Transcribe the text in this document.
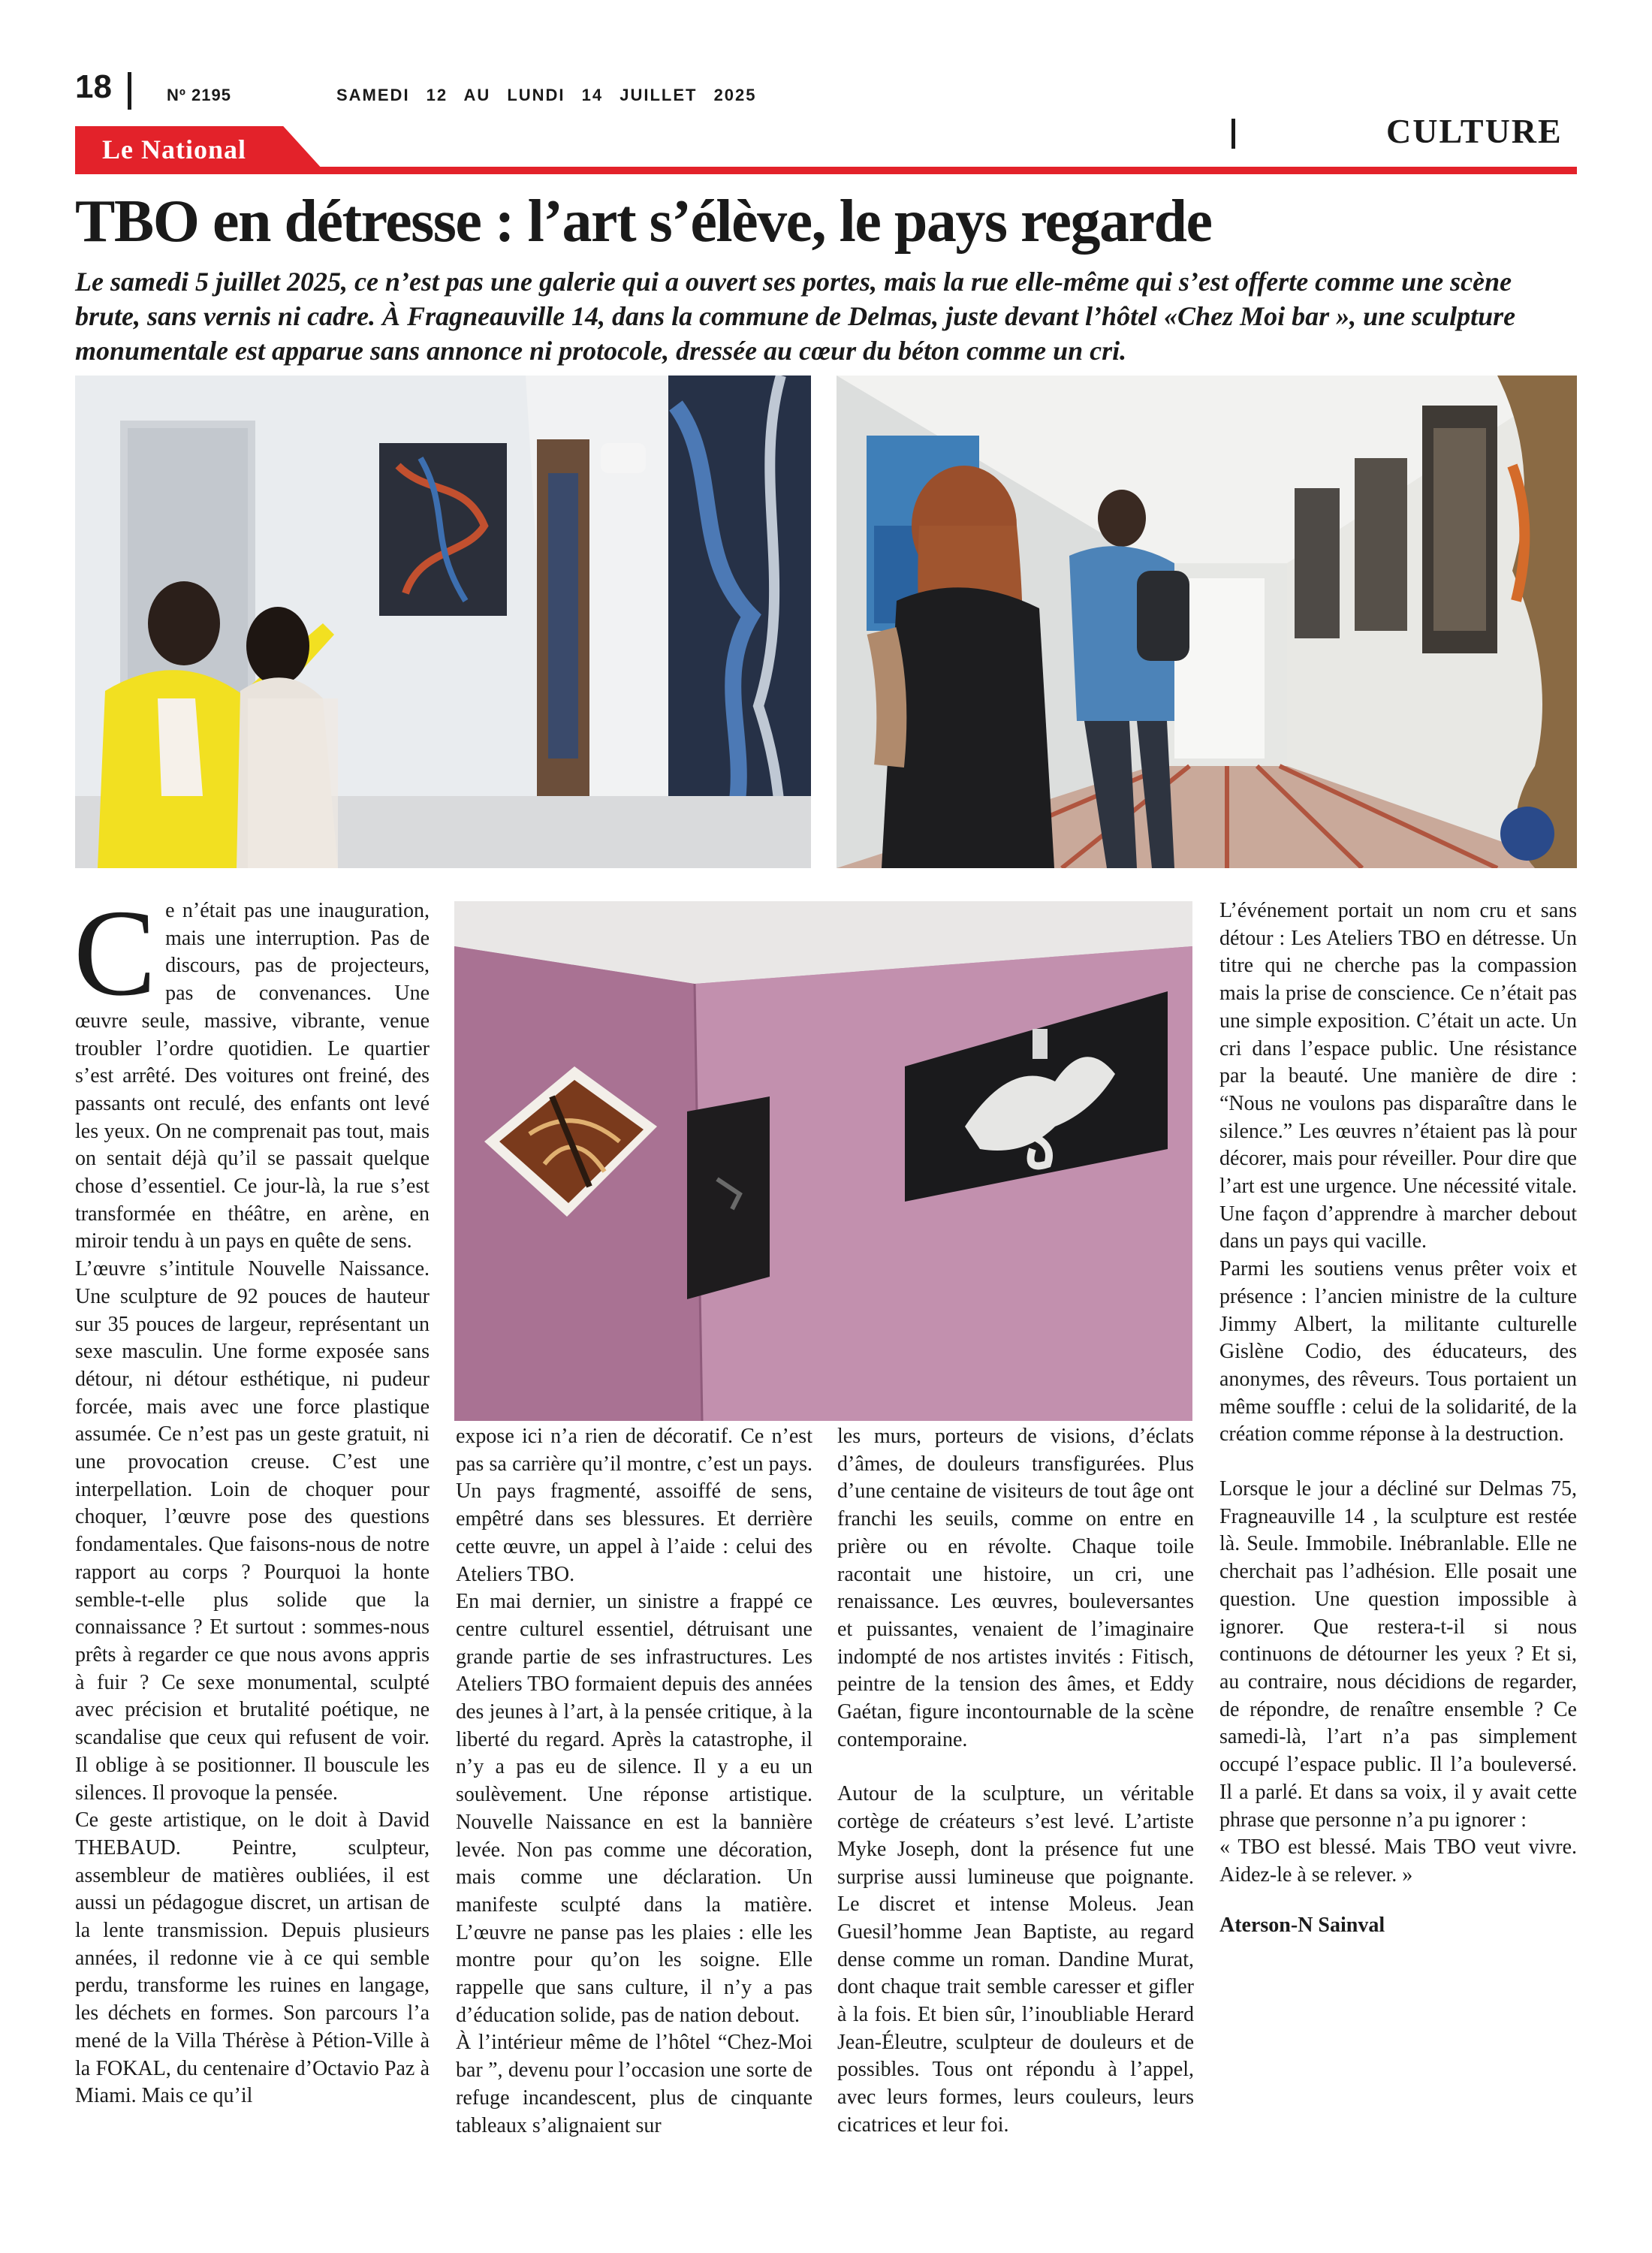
18	Nº 2195	SAMEDI 12 AU LUNDI 14 JUILLET 2025
CULTURE
Le National
TBO en détresse : l’art s’élève, le pays regarde
Le samedi 5 juillet 2025, ce n’est pas une galerie qui a ouvert ses portes, mais la rue elle-même qui s’est offerte comme une scène
brute, sans vernis ni cadre. À Fragneauville 14, dans la commune de Delmas, juste devant l’hôtel «Chez Moi bar », une sculpture
monumentale est apparue sans annonce ni protocole, dressée au cœur du béton comme un cri.

Ce n’était pas une inauguration, mais une interruption. Pas de discours, pas de projecteurs, pas de convenances. Une œuvre seule, massive, vibrante, venue troubler l’ordre quotidien. Le quartier s’est arrêté. Des voitures ont freiné, des passants ont reculé, des enfants ont levé les yeux. On ne comprenait pas tout, mais on sentait déjà qu’il se passait quelque chose d’essentiel. Ce jour-là, la rue s’est transformée en théâtre, en arène, en miroir tendu à un pays en quête de sens.

L’œuvre s’intitule Nouvelle Naissance. Une sculpture de 92 pouces de hauteur sur 35 pouces de largeur, représentant un sexe masculin. Une forme exposée sans détour, ni détour esthétique, ni pudeur forcée, mais avec une force plastique assumée. Ce n’est pas un geste gratuit, ni une provocation creuse. C’est une interpellation. Loin de choquer pour choquer, l’œuvre pose des questions fondamentales. Que faisons-nous de notre rapport au corps ? Pourquoi la honte semble-t-elle plus solide que la connaissance ? Et surtout : sommes-nous prêts à regarder ce que nous avons appris à fuir ? Ce sexe monumental, sculpté avec précision et brutalité poétique, ne scandalise que ceux qui refusent de voir. Il oblige à se positionner. Il bouscule les silences. Il provoque la pensée.

Ce geste artistique, on le doit à David THEBAUD. Peintre, sculpteur, assembleur de matières oubliées, il est aussi un pédagogue discret, un artisan de la lente transmission. Depuis plusieurs années, il redonne vie à ce qui semble perdu, transforme les ruines en langage, les déchets en formes. Son parcours l’a mené de la Villa Thérèse à Pétion-Ville à la FOKAL, du centenaire d’Octavio Paz à Miami. Mais ce qu’il

expose ici n’a rien de décoratif. Ce n’est pas sa carrière qu’il montre, c’est un pays. Un pays fragmenté, assoiffé de sens, empêtré dans ses blessures. Et derrière cette œuvre, un appel à l’aide : celui des Ateliers TBO.

En mai dernier, un sinistre a frappé ce centre culturel essentiel, détruisant une grande partie de ses infrastructures. Les Ateliers TBO formaient depuis des années des jeunes à l’art, à la pensée critique, à la liberté du regard. Après la catastrophe, il n’y a pas eu de silence. Il y a eu un soulèvement. Une réponse artistique. Nouvelle Naissance en est la bannière levée. Non pas comme une décoration, mais comme une déclaration. Un manifeste sculpté dans la matière. L’œuvre ne panse pas les plaies : elle les montre pour qu’on les soigne. Elle rappelle que sans culture, il n’y a pas d’éducation solide, pas de nation debout.

À l’intérieur même de l’hôtel “Chez-Moi bar ”, devenu pour l’occasion une sorte de refuge incandescent, plus de cinquante tableaux s’alignaient sur

les murs, porteurs de visions, d’éclats d’âmes, de douleurs transfigurées. Plus d’une centaine de visiteurs de tout âge ont franchi les seuils, comme on entre en prière ou en révolte. Chaque toile racontait une histoire, un cri, une renaissance. Les œuvres, bouleversantes et puissantes, venaient de l’imaginaire indompté de nos artistes invités : Fitisch, peintre de la tension des âmes, et Eddy Gaétan, figure incontournable de la scène contemporaine.

Autour de la sculpture, un véritable cortège de créateurs s’est levé. L’artiste Myke Joseph, dont la présence fut une surprise aussi lumineuse que poignante. Le discret et intense Moleus. Jean Guesil’homme Jean Baptiste, au regard dense comme un roman. Dandine Murat, dont chaque trait semble caresser et gifler à la fois. Et bien sûr, l’inoubliable Herard Jean-Éleutre, sculpteur de douleurs et de possibles. Tous ont répondu à l’appel, avec leurs formes, leurs couleurs, leurs cicatrices et leur foi.

L’événement portait un nom cru et sans détour : Les Ateliers TBO en détresse. Un titre qui ne cherche pas la compassion mais la prise de conscience. Ce n’était pas une simple exposition. C’était un acte. Un cri dans l’espace public. Une résistance par la beauté. Une manière de dire : “Nous ne voulons pas disparaître dans le silence.” Les œuvres n’étaient pas là pour décorer, mais pour réveiller. Pour dire que l’art est une urgence. Une nécessité vitale. Une façon d’apprendre à marcher debout dans un pays qui vacille.

Parmi les soutiens venus prêter voix et présence : l’ancien ministre de la culture Jimmy Albert, la militante culturelle Gislène Codio, des éducateurs, des anonymes, des rêveurs. Tous portaient un même souffle : celui de la solidarité, de la création comme réponse à la destruction.

Lorsque le jour a décliné sur Delmas 75, Fragneauville 14 , la sculpture est restée là. Seule. Immobile. Inébranlable. Elle ne cherchait pas l’adhésion. Elle posait une question. Une question impossible à ignorer. Que restera-t-il si nous continuons de détourner les yeux ? Et si, au contraire, nous décidions de regarder, de répondre, de renaître ensemble ? Ce samedi-là, l’art n’a pas simplement occupé l’espace public. Il l’a bouleversé. Il a parlé. Et dans sa voix, il y avait cette phrase que personne n’a pu ignorer :

« TBO est blessé. Mais TBO veut vivre. Aidez-le à se relever. »

Aterson-N Sainval
